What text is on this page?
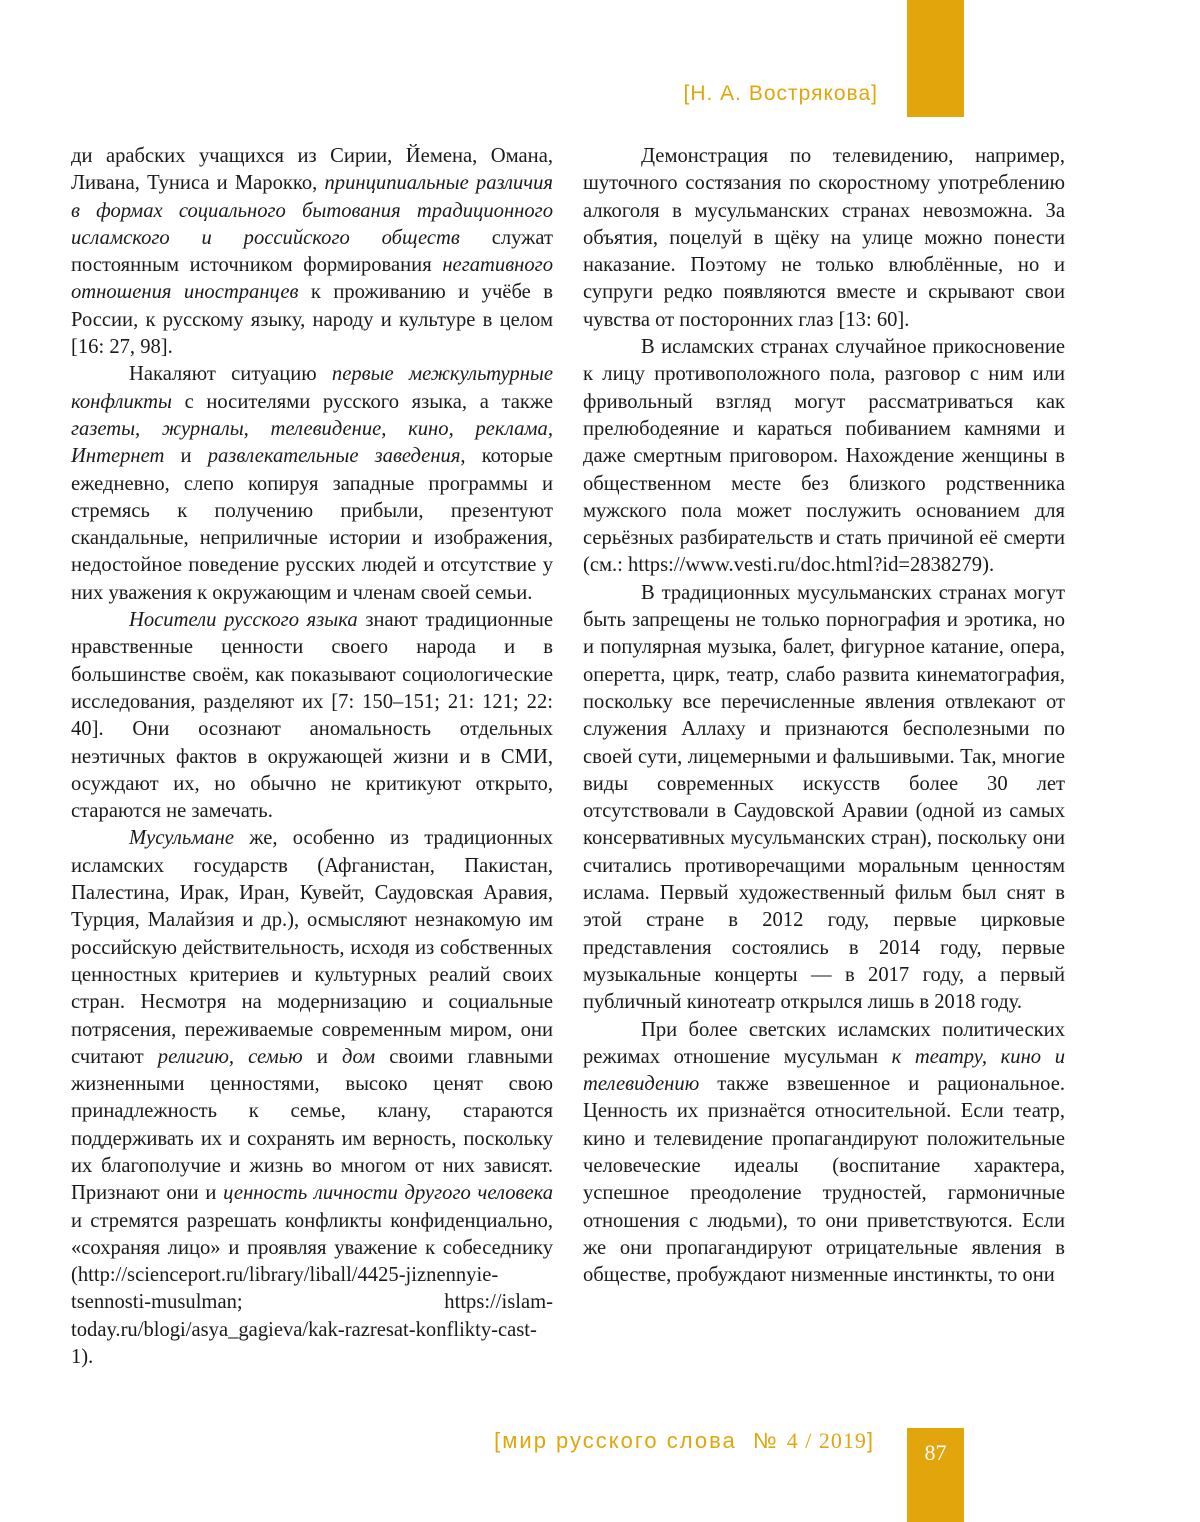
[Н. А. Вострякова]

ди арабских учащихся из Сирии, Йемена, Омана, Ливана, Туниса и Марокко, принципиальные различия в формах социального бытования традиционного исламского и российского обществ служат постоянным источником формирования негативного отношения иностранцев к проживанию и учёбе в России, к русскому языку, народу и культуре в целом [16: 27, 98].

Накаляют ситуацию первые межкультурные конфликты с носителями русского языка, а также газеты, журналы, телевидение, кино, реклама, Интернет и развлекательные заведения, которые ежедневно, слепо копируя западные программы и стремясь к получению прибыли, презентуют скандальные, неприличные истории и изображения, недостойное поведение русских людей и отсутствие у них уважения к окружающим и членам своей семьи.

Носители русского языка знают традиционные нравственные ценности своего народа и в большинстве своём, как показывают социологические исследования, разделяют их [7: 150–151; 21: 121; 22: 40]. Они осознают аномальность отдельных неэтичных фактов в окружающей жизни и в СМИ, осуждают их, но обычно не критикуют открыто, стараются не замечать.

Мусульмане же, особенно из традиционных исламских государств (Афганистан, Пакистан, Палестина, Ирак, Иран, Кувейт, Саудовская Аравия, Турция, Малайзия и др.), осмысляют незнакомую им российскую действительность, исходя из собственных ценностных критериев и культурных реалий своих стран. Несмотря на модернизацию и социальные потрясения, переживаемые современным миром, они считают религию, семью и дом своими главными жизненными ценностями, высоко ценят свою принадлежность к семье, клану, стараются поддерживать их и сохранять им верность, поскольку их благополучие и жизнь во многом от них зависят. Признают они и ценность личности другого человека и стремятся разрешать конфликты конфиденциально, «сохраняя лицо» и проявляя уважение к собеседнику (http://scienceport.ru/library/liball/4425-jiznennyie-tsennosti-musulman; https://islam-today.ru/blogi/asya_gagieva/kak-razresat-konflikty-cast-1).

Демонстрация по телевидению, например, шуточного состязания по скоростному употреблению алкоголя в мусульманских странах невозможна. За объятия, поцелуй в щёку на улице можно понести наказание. Поэтому не только влюблённые, но и супруги редко появляются вместе и скрывают свои чувства от посторонних глаз [13: 60].

В исламских странах случайное прикосновение к лицу противоположного пола, разговор с ним или фривольный взгляд могут рассматриваться как прелюбодеяние и караться побиванием камнями и даже смертным приговором. Нахождение женщины в общественном месте без близкого родственника мужского пола может послужить основанием для серьёзных разбирательств и стать причиной её смерти (см.: https://www.vesti.ru/doc.html?id=2838279).

В традиционных мусульманских странах могут быть запрещены не только порнография и эротика, но и популярная музыка, балет, фигурное катание, опера, оперетта, цирк, театр, слабо развита кинематография, поскольку все перечисленные явления отвлекают от служения Аллаху и признаются бесполезными по своей сути, лицемерными и фальшивыми. Так, многие виды современных искусств более 30 лет отсутствовали в Саудовской Аравии (одной из самых консервативных мусульманских стран), поскольку они считались противоречащими моральным ценностям ислама. Первый художественный фильм был снят в этой стране в 2012 году, первые цирковые представления состоялись в 2014 году, первые музыкальные концерты — в 2017 году, а первый публичный кинотеатр открылся лишь в 2018 году.

При более светских исламских политических режимах отношение мусульман к театру, кино и телевидению также взвешенное и рациональное. Ценность их признаётся относительной. Если театр, кино и телевидение пропагандируют положительные человеческие идеалы (воспитание характера, успешное преодоление трудностей, гармоничные отношения с людьми), то они приветствуются. Если же они пропагандируют отрицательные явления в обществе, пробуждают низменные инстинкты, то они

[мир русского слова № 4 / 2019]	87
